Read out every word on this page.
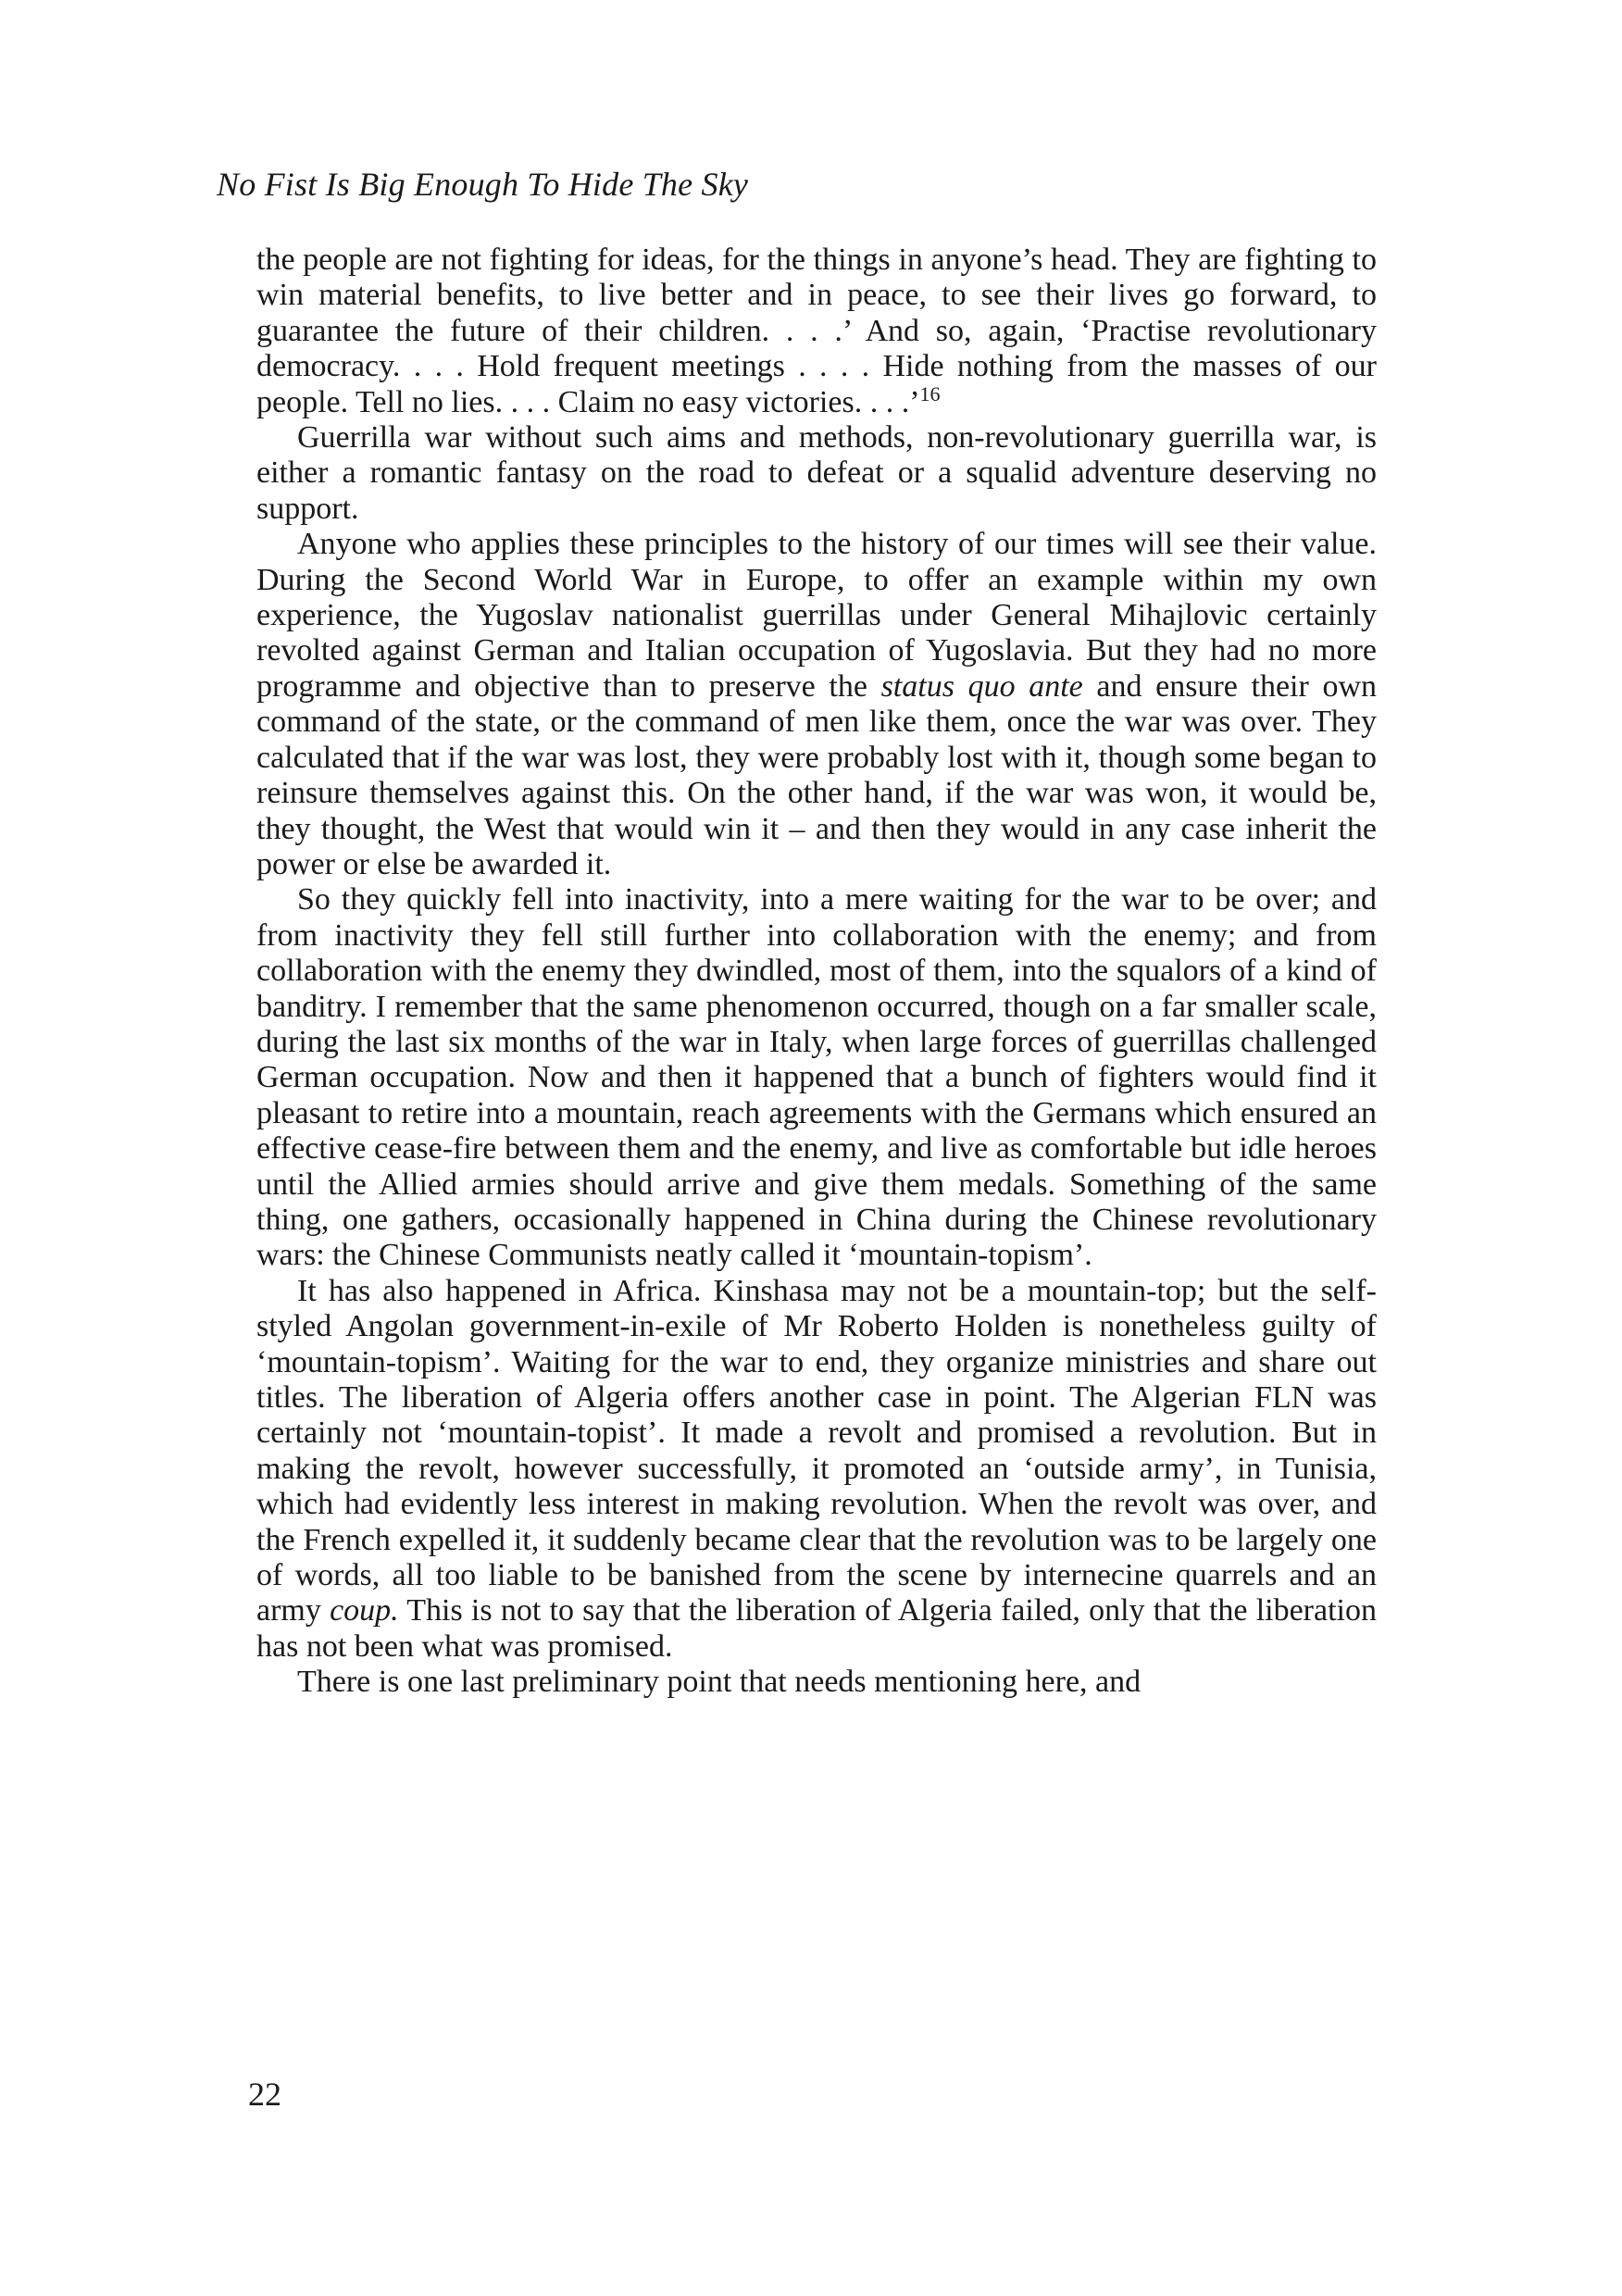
No Fist Is Big Enough To Hide The Sky

the people are not fighting for ideas, for the things in anyone’s head. They are fighting to win material benefits, to live better and in peace, to see their lives go forward, to guarantee the future of their children. . . .’ And so, again, ‘Practise revolutionary democracy. . . . Hold frequent meetings . . . . Hide nothing from the masses of our people. Tell no lies. . . . Claim no easy victories. . . .’$^{16}$

Guerrilla war without such aims and methods, non-revolutionary guerrilla war, is either a romantic fantasy on the road to defeat or a squalid adventure deserving no support.

Anyone who applies these principles to the history of our times will see their value. During the Second World War in Europe, to offer an example within my own experience, the Yugoslav nationalist guerrillas under General Mihajlovic certainly revolted against German and Italian occupation of Yugoslavia. But they had no more programme and objective than to preserve the status quo ante and ensure their own command of the state, or the command of men like them, once the war was over. They calculated that if the war was lost, they were probably lost with it, though some began to reinsure themselves against this. On the other hand, if the war was won, it would be, they thought, the West that would win it – and then they would in any case inherit the power or else be awarded it.

So they quickly fell into inactivity, into a mere waiting for the war to be over; and from inactivity they fell still further into collaboration with the enemy; and from collaboration with the enemy they dwindled, most of them, into the squalors of a kind of banditry. I remember that the same phenomenon occurred, though on a far smaller scale, during the last six months of the war in Italy, when large forces of guerrillas challenged German occupation. Now and then it happened that a bunch of fighters would find it pleasant to retire into a mountain, reach agreements with the Germans which ensured an effective cease-fire between them and the enemy, and live as comfortable but idle heroes until the Allied armies should arrive and give them medals. Something of the same thing, one gathers, occasionally happened in China during the Chinese revolutionary wars: the Chinese Communists neatly called it ‘mountain-topism’.

It has also happened in Africa. Kinshasa may not be a mountain-top; but the self-styled Angolan government-in-exile of Mr Roberto Holden is nonetheless guilty of ‘mountain-topism’. Waiting for the war to end, they organize ministries and share out titles. The liberation of Algeria offers another case in point. The Algerian FLN was certainly not ‘mountain-topist’. It made a revolt and promised a revolution. But in making the revolt, however successfully, it promoted an ‘outside army’, in Tunisia, which had evidently less interest in making revolution. When the revolt was over, and the French expelled it, it suddenly became clear that the revolution was to be largely one of words, all too liable to be banished from the scene by internecine quarrels and an army coup. This is not to say that the liberation of Algeria failed, only that the liberation has not been what was promised.

There is one last preliminary point that needs mentioning here, and

22
